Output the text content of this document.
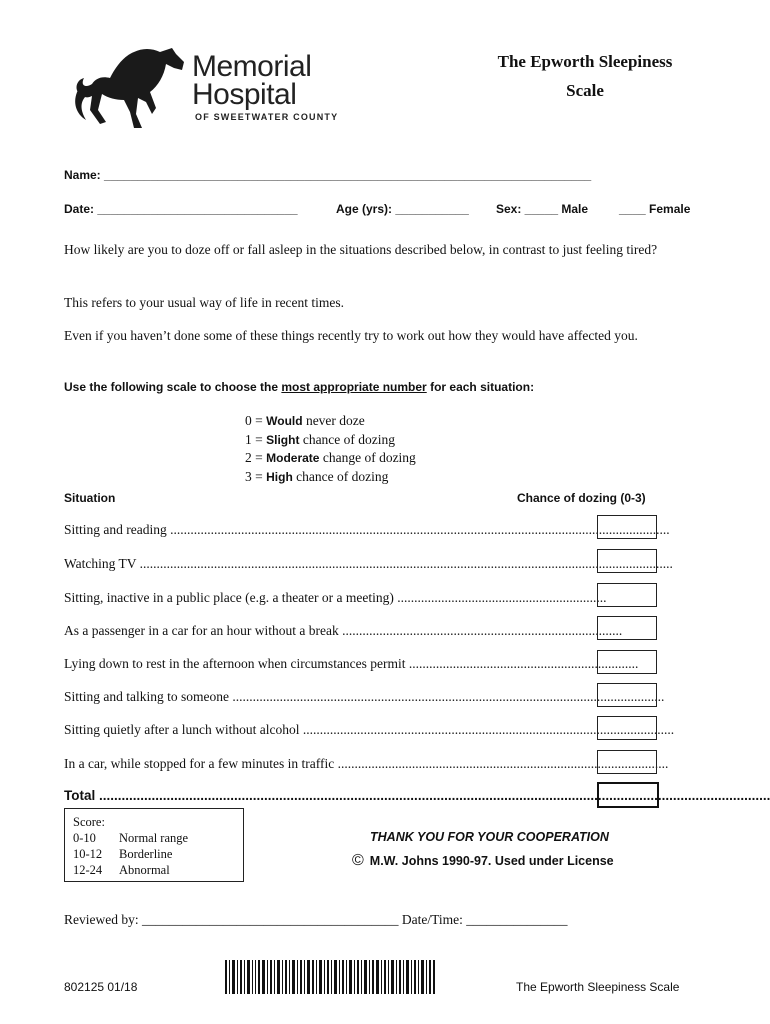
Memorial
Hospital
OF SWEETWATER COUNTY
The Epworth Sleepiness
Scale
Name: _________________________________________________________________________
Date: ______________________________	Age (yrs): ___________ Sex: _____ Male	____ Female
How likely are you to doze off or fall asleep in the situations described below, in contrast to just feeling tired?
This refers to your usual way of life in recent times.
Even if you haven’t done some of these things recently try to work out how they would have affected you.
Use the following scale to choose the most appropriate number for each situation:
0 = Would never doze
1 = Slight chance of dozing
2 = Moderate change of dozing
3 = High chance of dozing
Situation	Chance of dozing (0-3)
Sitting and reading ....................................................................................................................................................
Watching TV ..............................................................................................................................................................
Sitting, inactive in a public place (e.g. a theater or a meeting) ..............................................................
As a passenger in a car for an hour without a break ...................................................................................
Lying down to rest in the afternoon when circumstances permit ....................................................................
Sitting and talking to someone ................................................................................................................................
Sitting quietly after a lunch without alcohol ..............................................................................................................
In a car, while stopped for a few minutes in traffic ..................................................................................................
Total ...................................................................................................................................................................................
Score:
0-10 Normal range
10-12 Borderline
12-24 Abnormal
THANK YOU FOR YOUR COOPERATION
© M.W. Johns 1990-97. Used under License
Reviewed by: ______________________________________ Date/Time: _______________
802125 01/18	The Epworth Sleepiness Scale
